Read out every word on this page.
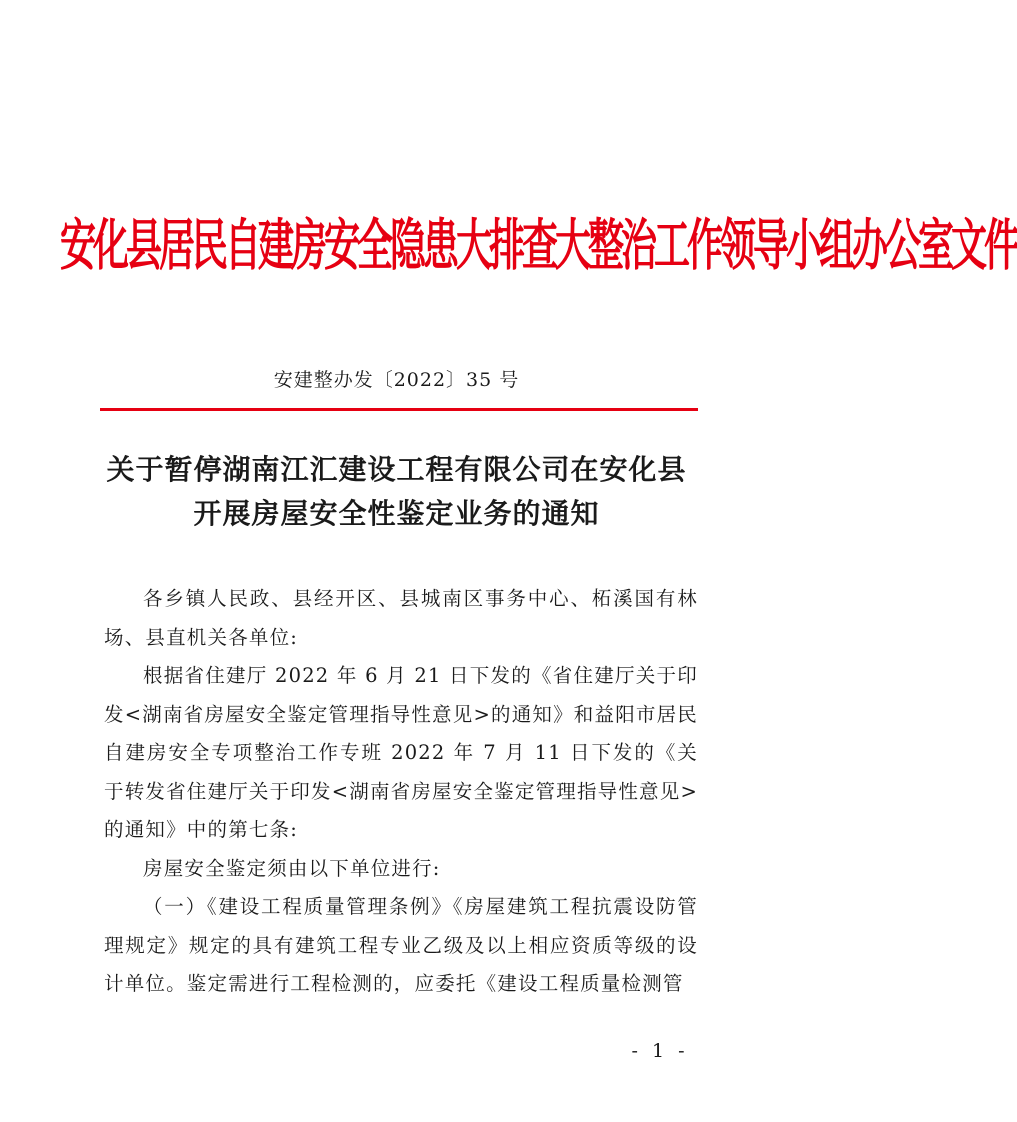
安化县居民自建房安全隐患大排查大整治工作领导小组办公室文件
安建整办发〔2022〕35 号
关于暂停湖南江汇建设工程有限公司在安化县
开展房屋安全性鉴定业务的通知

各乡镇人民政、县经开区、县城南区事务中心、柘溪国有林场、县直机关各单位:

根据省住建厅 2022 年 6 月 21 日下发的《省住建厅关于印发<湖南省房屋安全鉴定管理指导性意见>的通知》和益阳市居民自建房安全专项整治工作专班 2022 年 7 月 11 日下发的《关于转发省住建厅关于印发<湖南省房屋安全鉴定管理指导性意见>的通知》中的第七条:

房屋安全鉴定须由以下单位进行:

（一）《建设工程质量管理条例》《房屋建筑工程抗震设防管理规定》规定的具有建筑工程专业乙级及以上相应资质等级的设计单位。鉴定需进行工程检测的，应委托《建设工程质量检测管

- 1 -
